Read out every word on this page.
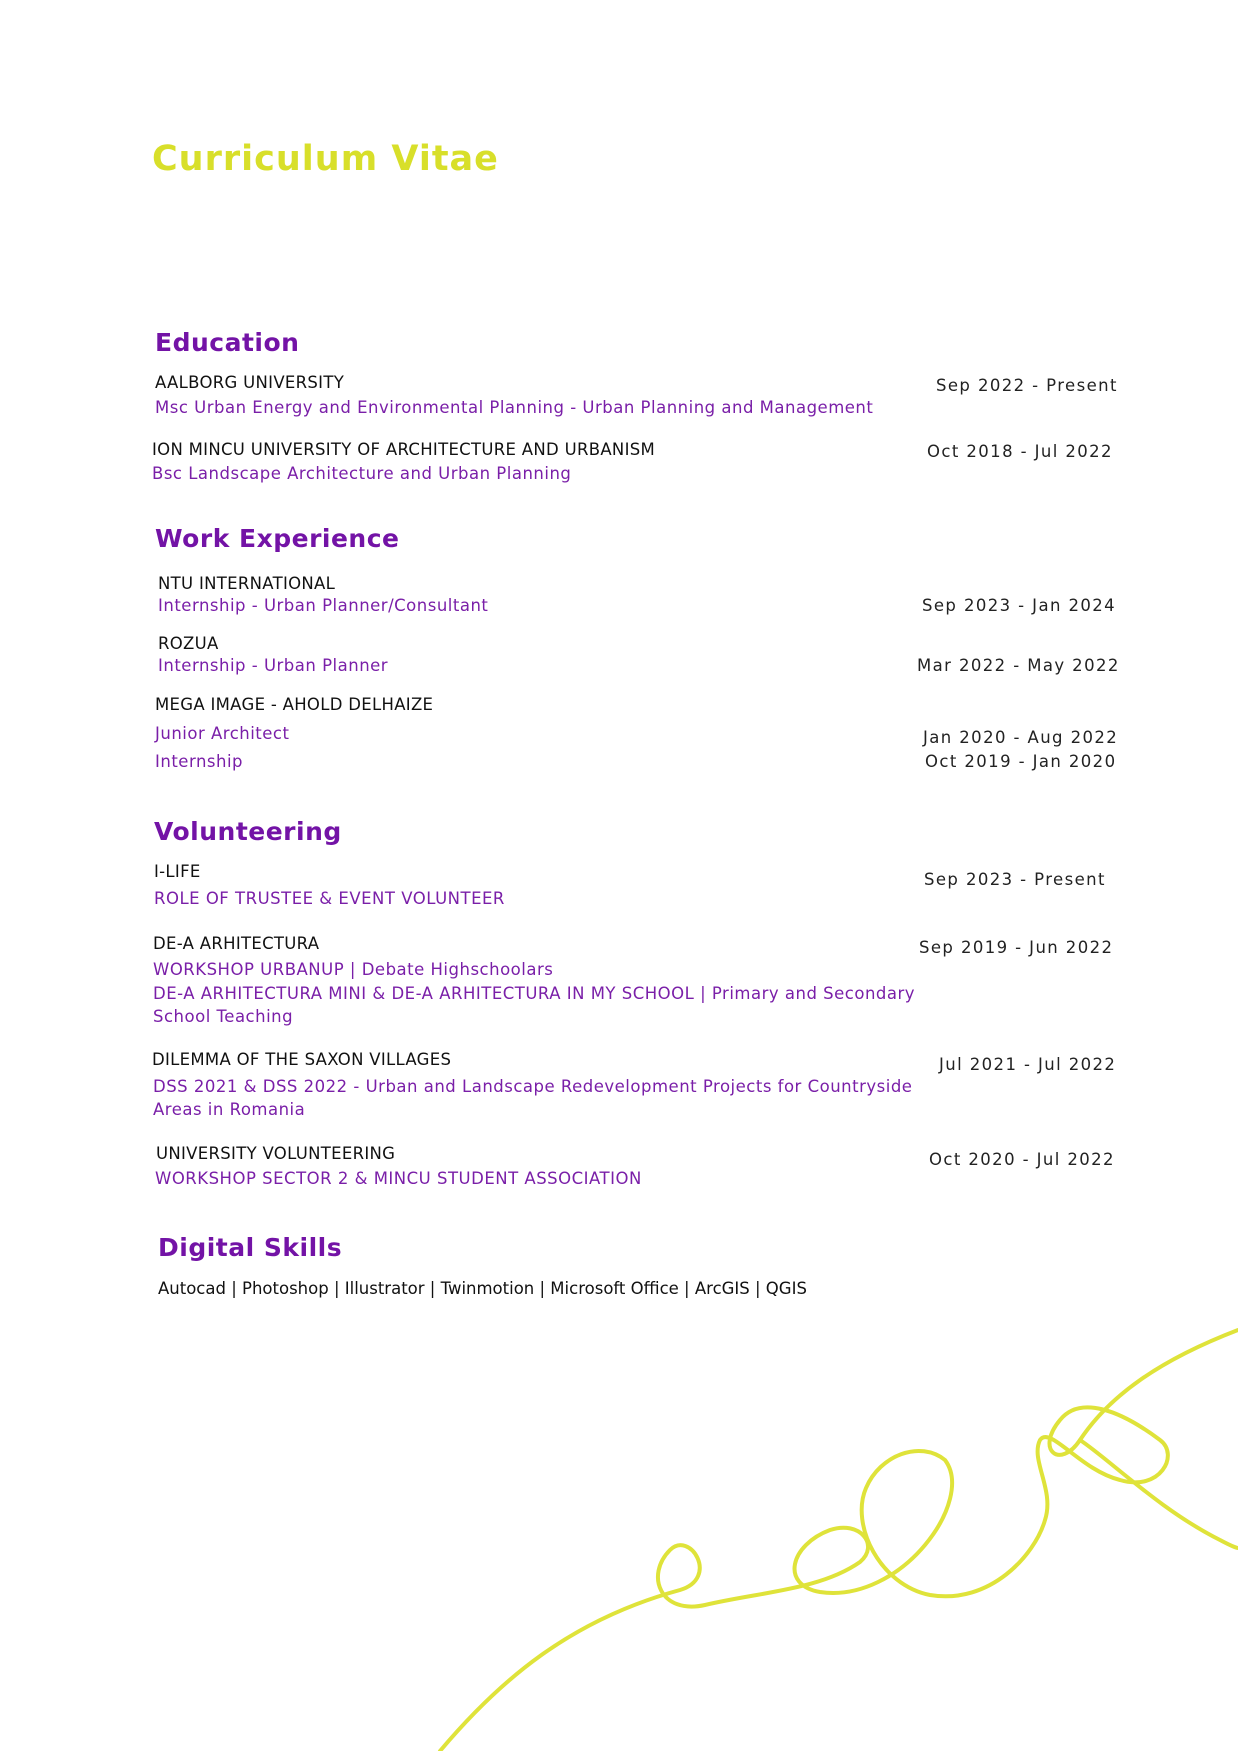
Curriculum Vitae
Education
AALBORG UNIVERSITY
Msc Urban Energy and Environmental Planning - Urban Planning and Management
Sep 2022 - Present
ION MINCU UNIVERSITY OF ARCHITECTURE AND URBANISM
Bsc Landscape Architecture and Urban Planning
Oct 2018 - Jul 2022
Work Experience
NTU INTERNATIONAL
Internship - Urban Planner/Consultant	Sep 2023 - Jan 2024
ROZUA
Internship - Urban Planner	Mar 2022 - May 2022
MEGA IMAGE - AHOLD DELHAIZE
Junior Architect	Jan 2020 - Aug 2022
Internship	Oct 2019 - Jan 2020
Volunteering
I-LIFE
ROLE OF TRUSTEE & EVENT VOLUNTEER
Sep 2023 - Present
DE-A ARHITECTURA
WORKSHOP URBANUP | Debate Highschoolars
DE-A ARHITECTURA MINI & DE-A ARHITECTURA IN MY SCHOOL | Primary and Secondary
School Teaching
Sep 2019 - Jun 2022
DILEMMA OF THE SAXON VILLAGES
DSS 2021 & DSS 2022 - Urban and Landscape Redevelopment Projects for Countryside
Areas in Romania
Jul 2021 - Jul 2022
UNIVERSITY VOLUNTEERING
WORKSHOP SECTOR 2 & MINCU STUDENT ASSOCIATION
Oct 2020 - Jul 2022
Digital Skills
Autocad | Photoshop | Illustrator | Twinmotion | Microsoft Office | ArcGIS | QGIS
